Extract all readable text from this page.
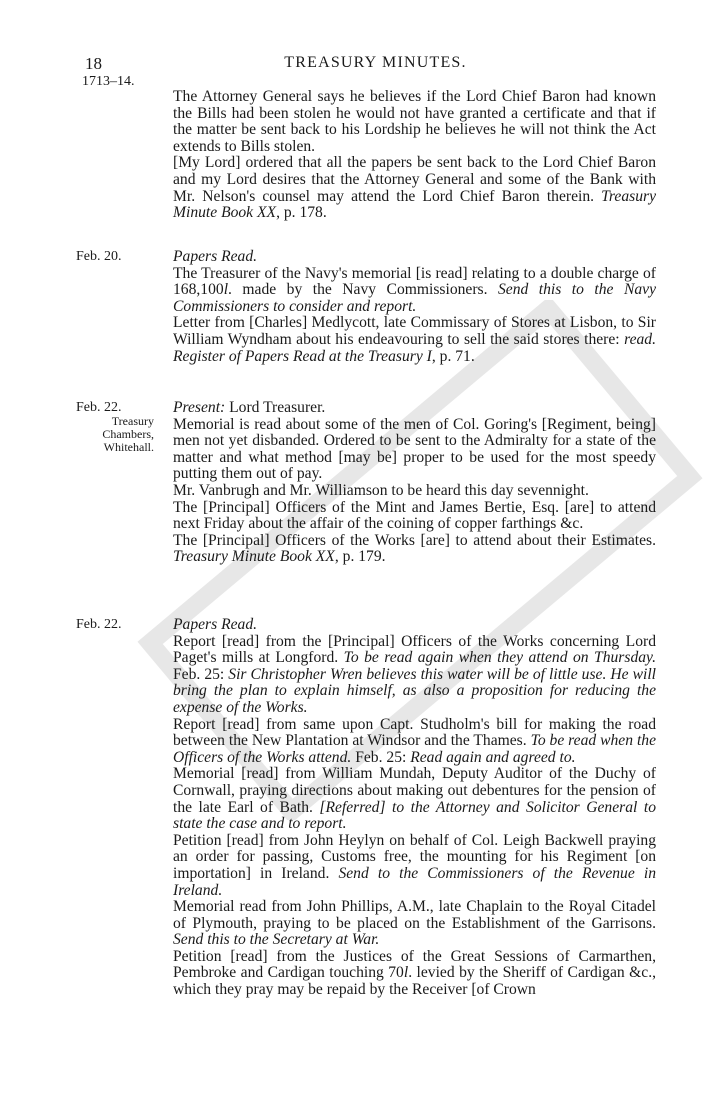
18	TREASURY MINUTES.
1713–14.

The Attorney General says he believes if the Lord Chief Baron had known the Bills had been stolen he would not have granted a certificate and that if the matter be sent back to his Lordship he believes he will not think the Act extends to Bills stolen.

[My Lord] ordered that all the papers be sent back to the Lord Chief Baron and my Lord desires that the Attorney General and some of the Bank with Mr. Nelson's counsel may attend the Lord Chief Baron therein. Treasury Minute Book XX, p. 178.

Feb. 20.	Papers Read.

The Treasurer of the Navy's memorial [is read] relating to a double charge of 168,100l. made by the Navy Commissioners. Send this to the Navy Commissioners to consider and report.

Letter from [Charles] Medlycott, late Commissary of Stores at Lisbon, to Sir William Wyndham about his endeavouring to sell the said stores there: read. Register of Papers Read at the Treasury I, p. 71.

Feb. 22.
Treasury Chambers, Whitehall.

Present: Lord Treasurer.

Memorial is read about some of the men of Col. Goring's [Regiment, being] men not yet disbanded. Ordered to be sent to the Admiralty for a state of the matter and what method [may be] proper to be used for the most speedy putting them out of pay.

Mr. Vanbrugh and Mr. Williamson to be heard this day sevennight.

The [Principal] Officers of the Mint and James Bertie, Esq. [are] to attend next Friday about the affair of the coining of copper farthings &c.

The [Principal] Officers of the Works [are] to attend about their Estimates. Treasury Minute Book XX, p. 179.

Feb. 22.	Papers Read.

Report [read] from the [Principal] Officers of the Works concerning Lord Paget's mills at Longford. To be read again when they attend on Thursday. Feb. 25: Sir Christopher Wren believes this water will be of little use. He will bring the plan to explain himself, as also a proposition for reducing the expense of the Works.

Report [read] from same upon Capt. Studholm's bill for making the road between the New Plantation at Windsor and the Thames. To be read when the Officers of the Works attend. Feb. 25: Read again and agreed to.

Memorial [read] from William Mundah, Deputy Auditor of the Duchy of Cornwall, praying directions about making out debentures for the pension of the late Earl of Bath. [Referred] to the Attorney and Solicitor General to state the case and to report.

Petition [read] from John Heylyn on behalf of Col. Leigh Backwell praying an order for passing, Customs free, the mounting for his Regiment [on importation] in Ireland. Send to the Commissioners of the Revenue in Ireland.

Memorial read from John Phillips, A.M., late Chaplain to the Royal Citadel of Plymouth, praying to be placed on the Establishment of the Garrisons. Send this to the Secretary at War.

Petition [read] from the Justices of the Great Sessions of Carmarthen, Pembroke and Cardigan touching 70l. levied by the Sheriff of Cardigan &c., which they pray may be repaid by the Receiver [of Crown
